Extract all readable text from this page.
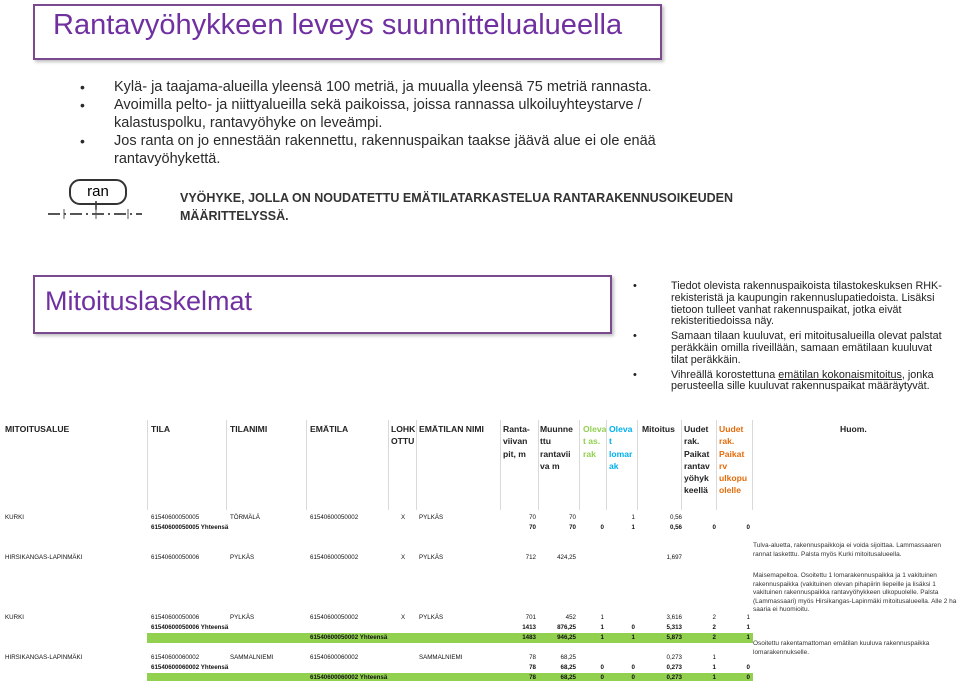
Rantavyöhykkeen leveys suunnittelualueella
• Kylä- ja taajama-alueilla yleensä 100 metriä, ja muualla yleensä 75 metriä rannasta.
• Avoimilla pelto- ja niittyalueilla sekä paikoissa, joissa rannassa ulkoiluyhteystarve / kalastuspolku, rantavyöhyke on leveämpi.
• Jos ranta on jo ennestään rakennettu, rakennuspaikan taakse jäävä alue ei ole enää rantavyöhykettä.
ran	VYÖHYKE, JOLLA ON NOUDATETTU EMÄTILATARKASTELUA RANTARAKENNUSOIKEUDEN MÄÄRITTELYSSÄ.
Mitoituslaskelmat
•	Tiedot olevista rakennuspaikoista tilastokeskuksen RHK-rekisteristä ja kaupungin rakennuslupatiedoista. Lisäksi tietoon tulleet vanhat rakennuspaikat, jotka eivät rekisteritiedoissa näy.
• Samaan tilaan kuuluvat, eri mitoitusalueilla olevat palstat peräkkäin omilla riveillään, samaan emätilaan kuuluvat tilat peräkkäin.
• Vihreällä korostettuna emätilan kokonaismitoitus, jonka perusteella sille kuuluvat rakennuspaikat määräytyvät.
MITOITUSALUE	TILA	TILANIMI	EMÄTILA	LOHK OTTU
EMÄTILAN NIMI Ranta- viivan pit, m
Muunne ttu rantavii va m
Oleva t as. rak
Oleva t lomar ak
Mitoitus Uudet rak. Paikat rantav yöhyk keellä
Uudet rak. Paikat rv ulkopu olelle
Huom.
KURKI	61540600050005	TÖRMÄLÄ	61540600050002	X PYLKÄS	70	70	1	0,56
61540600050005 Yhteensä	70	70	0	1	0,56	0	0
HIRSIKANGAS-LAPINMÄKI	61540600050006	PYLKÄS	61540600050002	X PYLKÄS	712	424,25	1,697
KURKI	61540600050006	PYLKÄS	61540600050002	X PYLKÄS	701	452	1	3,616	2	1
61540600050006 Yhteensä	1413	876,25	1	0	5,313	2	1
61540600050002 Yhteensä	1483	946,25	1	1	5,873	2	1
HIRSIKANGAS-LAPINMÄKI	61540600060002	SAMMALNIEMI	61540600060002	SAMMALNIEMI	78	68,25	0,273	1
61540600060002 Yhteensä	78	68,25	0	0	0,273	1	0
61540600060002 Yhteensä	78	68,25	0	0	0,273	1	0
Tulva-aluetta, rakennuspaikkoja ei voida sijoittaa. Lammassaaren rannat lasketttu. Palsta myös Kurki mitoitusalueella.
Maisemapeltoa. Osoitettu 1 lomarakennuspaikka ja 1 vakituinen rakennuspaikka (vakituinen olevan pihapiirin liepeille ja lisäksi 1 vakituinen rakennuspaikka rantavyöhykkeen ulkopuolelle. Palsta (Lammassaari) myös Hirsikangas-Lapinmäki mitoitusalueella. Alle 2 ha saaria ei huomioitu.
Osoitettu rakentamattoman emätilan kuuluva rakennuspaikka lomarakennukselle.
